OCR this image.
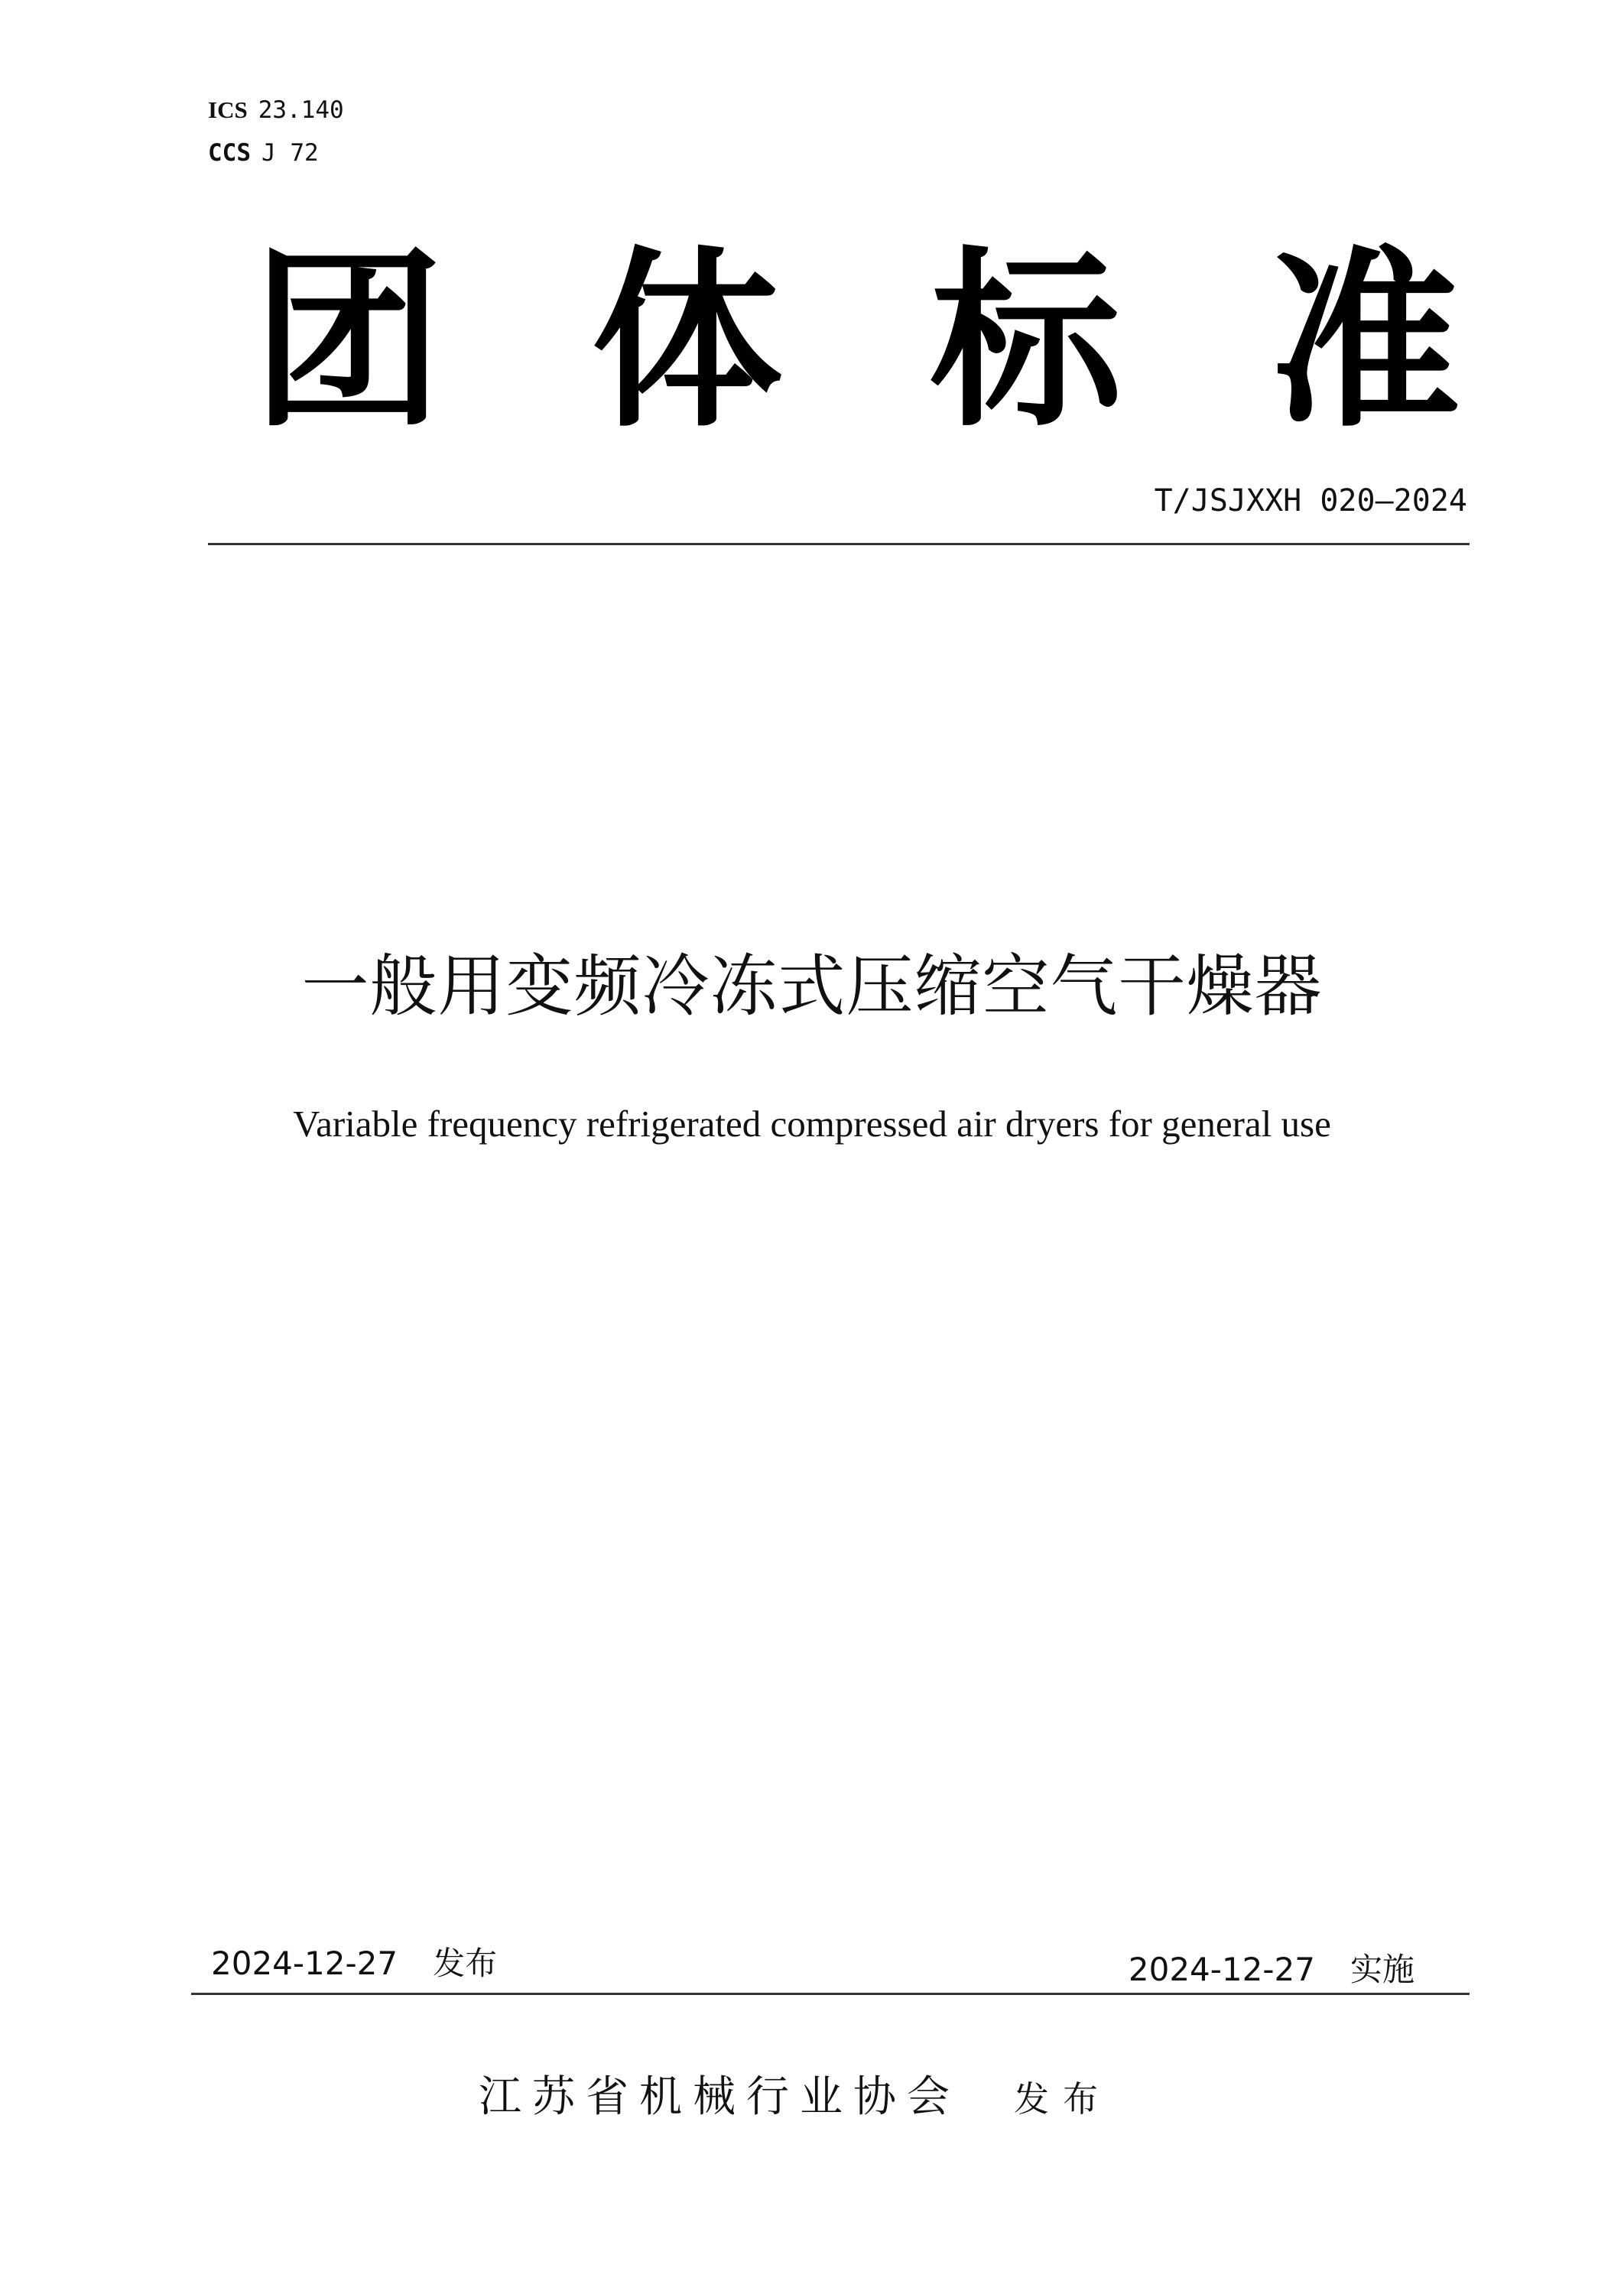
ICS 23.140
CCS J 72
团 体 标 准
T/JSJXXH 020—2024
一般用变频冷冻式压缩空气干燥器
Variable frequency refrigerated compressed air dryers for general use
2024-12-27 发布	2024-12-27 实施
江苏省机械行业协会 发布
